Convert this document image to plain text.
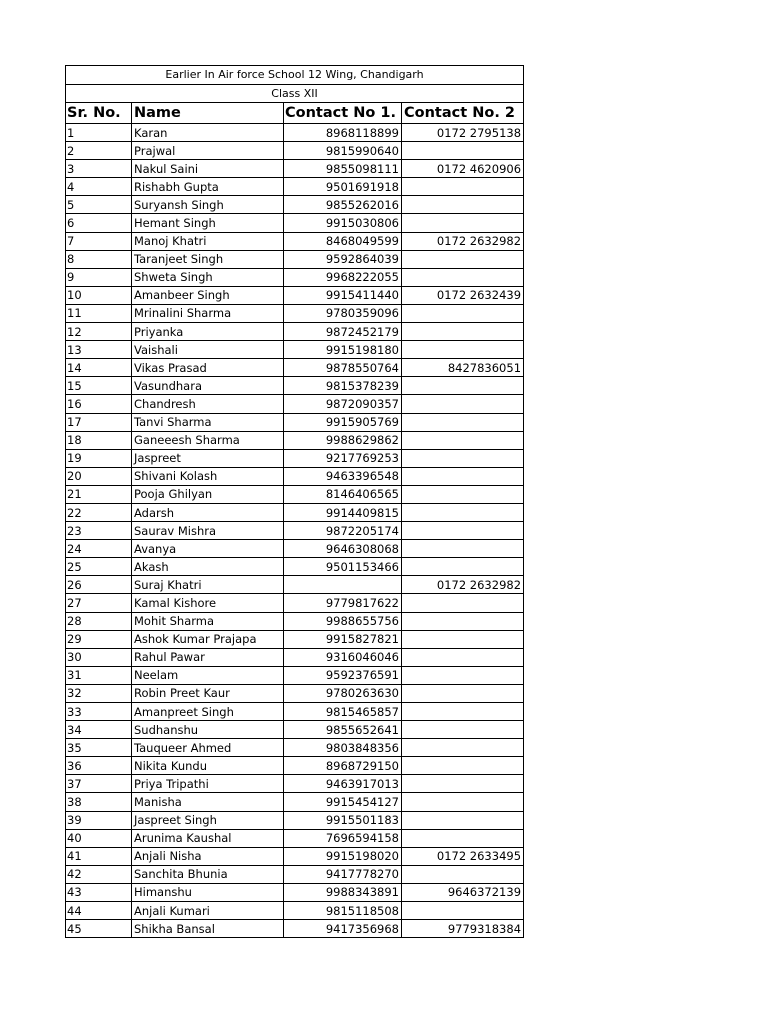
Earlier In Air force School 12 Wing, Chandigarh			
Class XII			
Sr. No.	Name	Contact No 1.	Contact No. 2
1	Karan	8968118899	0172 2795138
2	Prajwal	9815990640	
3	Nakul Saini	9855098111	0172 4620906
4	Rishabh Gupta	9501691918	
5	Suryansh Singh	9855262016	
6	Hemant Singh	9915030806	
7	Manoj Khatri	8468049599	0172 2632982
8	Taranjeet Singh	9592864039	
9	Shweta Singh	9968222055	
10	Amanbeer Singh	9915411440	0172 2632439
11	Mrinalini Sharma	9780359096	
12	Priyanka	9872452179	
13	Vaishali	9915198180	
14	Vikas Prasad	9878550764	8427836051
15	Vasundhara	9815378239	
16	Chandresh	9872090357	
17	Tanvi Sharma	9915905769	
18	Ganeeesh Sharma	9988629862	
19	Jaspreet	9217769253	
20	Shivani Kolash	9463396548	
21	Pooja Ghilyan	8146406565	
22	Adarsh	9914409815	
23	Saurav Mishra	9872205174	
24	Avanya	9646308068	
25	Akash	9501153466	
26	Suraj Khatri		0172 2632982
27	Kamal Kishore	9779817622	
28	Mohit Sharma	9988655756	
29	Ashok Kumar Prajapa	9915827821	
30	Rahul Pawar	9316046046	
31	Neelam	9592376591	
32	Robin Preet Kaur	9780263630	
33	Amanpreet Singh	9815465857	
34	Sudhanshu	9855652641	
35	Tauqueer Ahmed	9803848356	
36	Nikita Kundu	8968729150	
37	Priya Tripathi	9463917013	
38	Manisha	9915454127	
39	Jaspreet Singh	9915501183	
40	Arunima Kaushal	7696594158	
41	Anjali Nisha	9915198020	0172 2633495
42	Sanchita Bhunia	9417778270	
43	Himanshu	9988343891	9646372139
44	Anjali Kumari	9815118508	
45	Shikha Bansal	9417356968	9779318384
